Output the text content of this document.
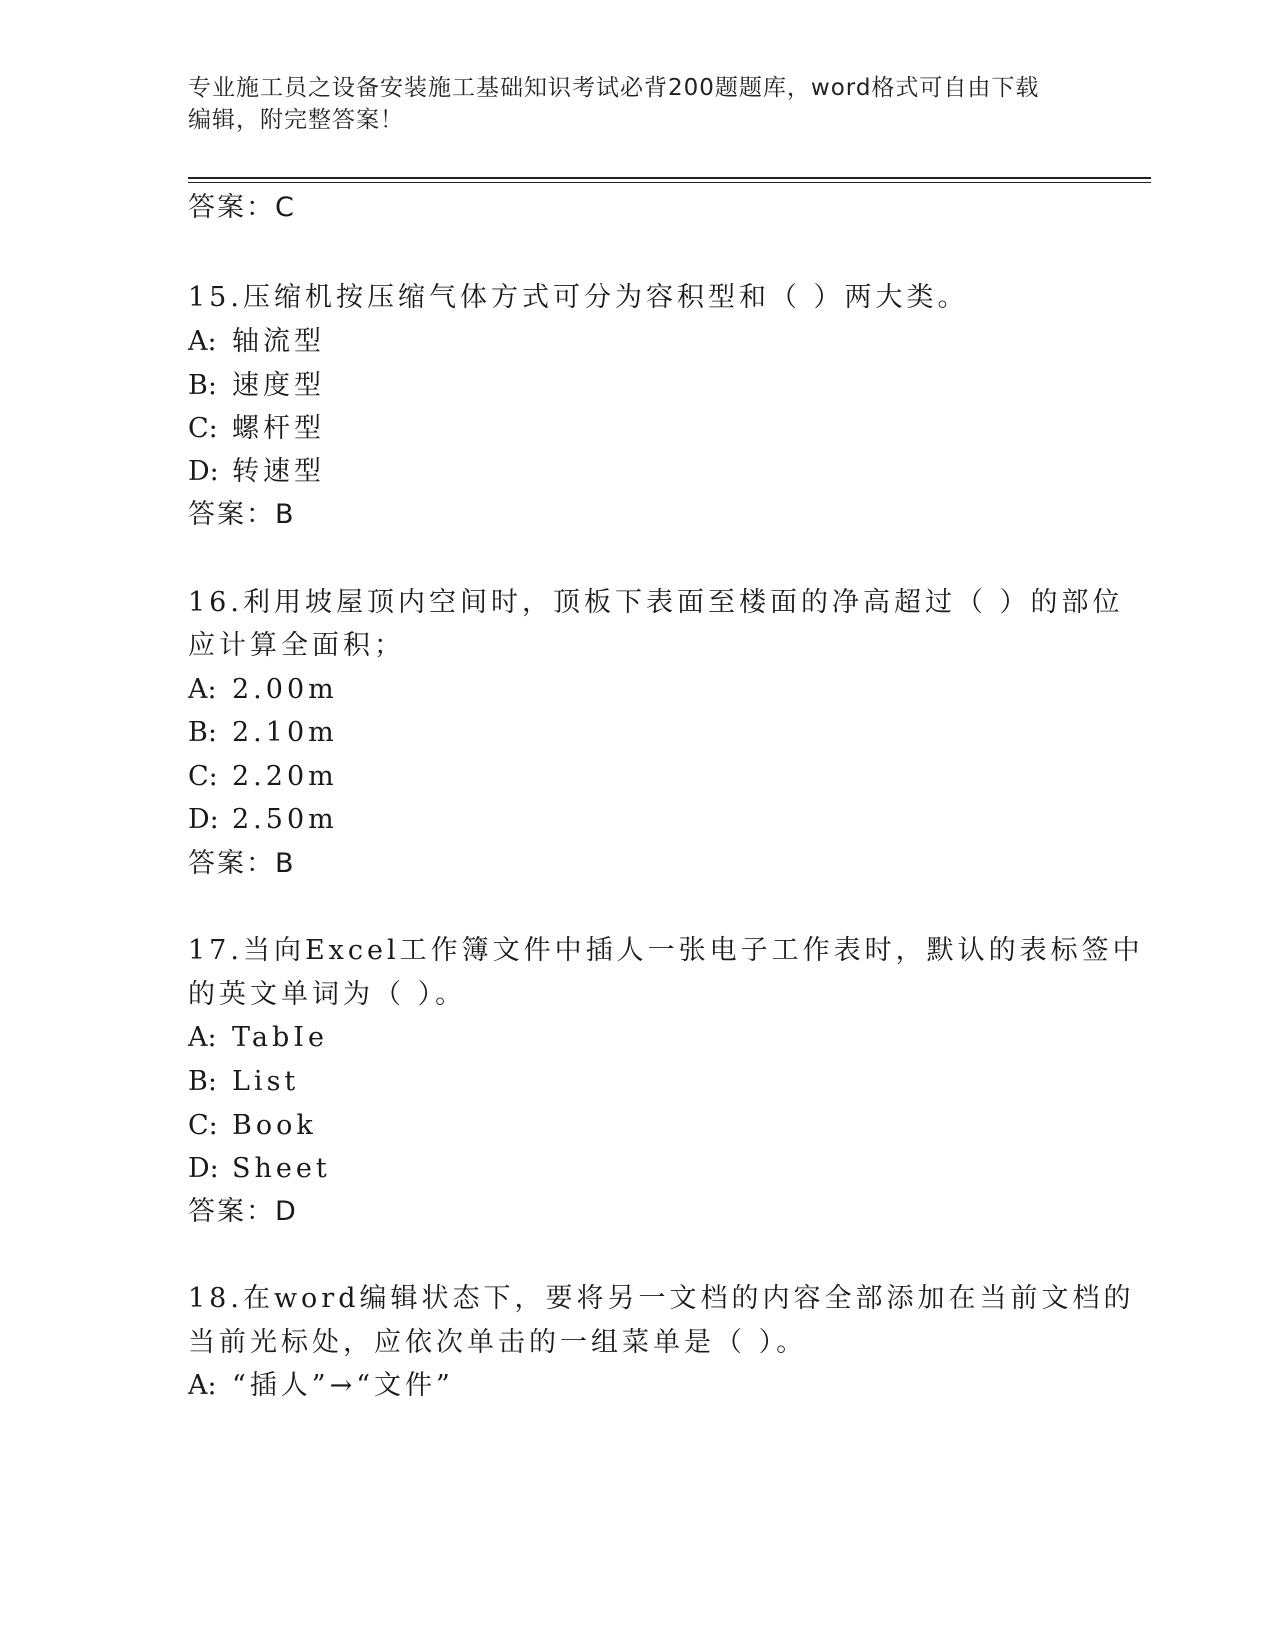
专业施工员之设备安装施工基础知识考试必背200题题库，word格式可自由下载
编辑，附完整答案！
答案：C
15.压缩机按压缩气体方式可分为容积型和（ ）两大类。
A: 轴流型
B: 速度型
C: 螺杆型
D: 转速型
答案：B
16.利用坡屋顶内空间时，顶板下表面至楼面的净高超过（ ）的部位
应计算全面积；
A: 2.00m
B: 2.10m
C: 2.20m
D: 2.50m
答案：B
17.当向Excel工作簿文件中插人一张电子工作表时，默认的表标签中
的英文单词为（ ）。
A: TabIe
B: List
C: Book
D: Sheet
答案：D
18.在word编辑状态下，要将另一文档的内容全部添加在当前文档的
当前光标处，应依次单击的一组菜单是（ ）。
A: “插人”→“文件”
